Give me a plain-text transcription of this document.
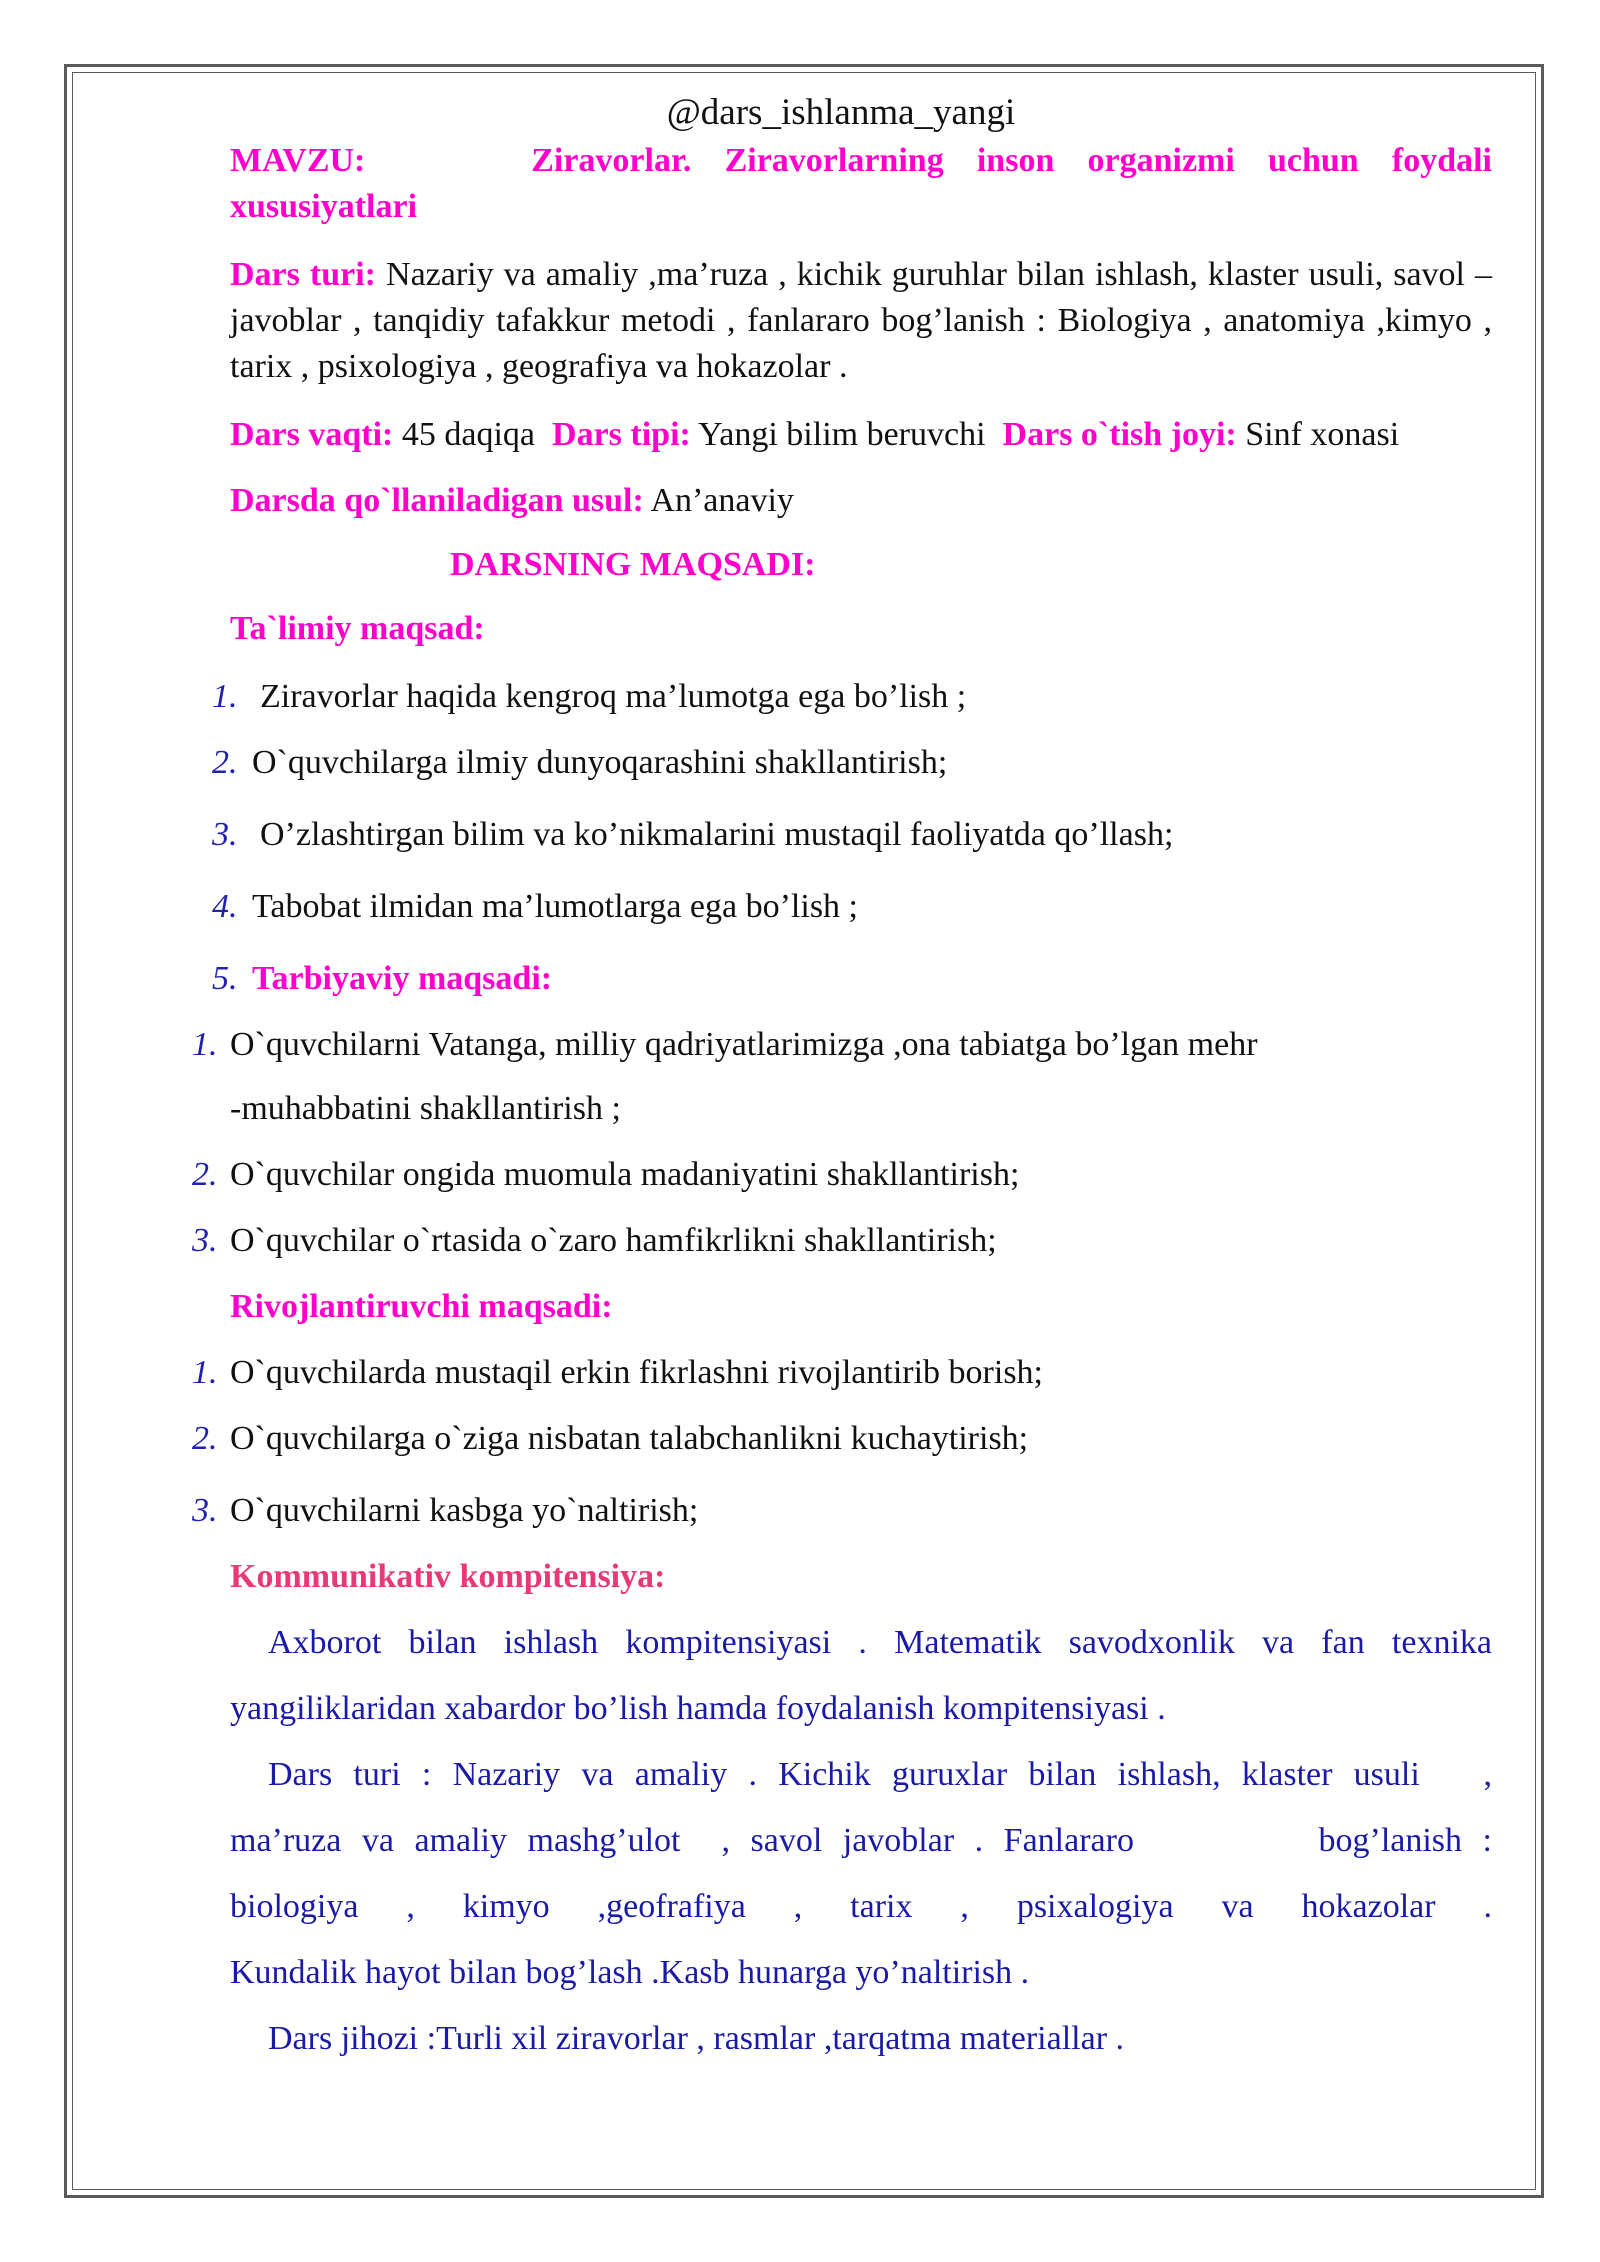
@dars_ishlanma_yangi

MAVZU:	Ziravorlar. Ziravorlarning inson organizmi uchun foydali

xususiyatlari

Dars turi: Nazariy va amaliy ,ma’ruza , kichik guruhlar bilan ishlash, klaster usuli, savol – javoblar , tanqidiy tafakkur metodi , fanlararo bog’lanish : Biologiya , anatomiya ,kimyo , tarix , psixologiya , geografiya va hokazolar .

Dars vaqti: 45 daqiqa Dars tipi: Yangi bilim beruvchi Dars o`tish joyi: Sinf xonasi

Darsda qo`llaniladigan usul: An’anaviy

DARSNING MAQSADI:

Ta`limiy maqsad:

1. Ziravorlar haqida kengroq ma’lumotga ega bo’lish ;

2. O`quvchilarga ilmiy dunyoqarashini shakllantirish;

3. O’zlashtirgan bilim va ko’nikmalarini mustaqil faoliyatda qo’llash;

4. Tabobat ilmidan ma’lumotlarga ega bo’lish ;

5. Tarbiyaviy maqsadi:

1. O`quvchilarni Vatanga, milliy qadriyatlarimizga ,ona tabiatga bo’lgan mehr

-muhabbatini shakllantirish ;

2. O`quvchilar ongida muomula madaniyatini shakllantirish;

3. O`quvchilar o`rtasida o`zaro hamfikrlikni shakllantirish;

Rivojlantiruvchi maqsadi:

1. O`quvchilarda mustaqil erkin fikrlashni rivojlantirib borish;

2. O`quvchilarga o`ziga nisbatan talabchanlikni kuchaytirish;

3. O`quvchilarni kasbga yo`naltirish;

Kommunikativ kompitensiya:

Axborot bilan ishlash kompitensiyasi . Matematik savodxonlik va fan texnika

yangiliklaridan xabardor bo’lish hamda foydalanish kompitensiyasi .

Dars turi : Nazariy va amaliy . Kichik guruxlar bilan ishlash, klaster usuli   ,

ma’ruza va amaliy mashg’ulot  , savol javoblar . Fanlararo         bog’lanish :

biologiya   ,   kimyo   ,geofrafiya   ,   tarix   ,   psixalogiya   va   hokazolar   .

Kundalik hayot bilan bog’lash .Kasb hunarga yo’naltirish .

Dars jihozi :Turli xil ziravorlar , rasmlar ,tarqatma materiallar .
